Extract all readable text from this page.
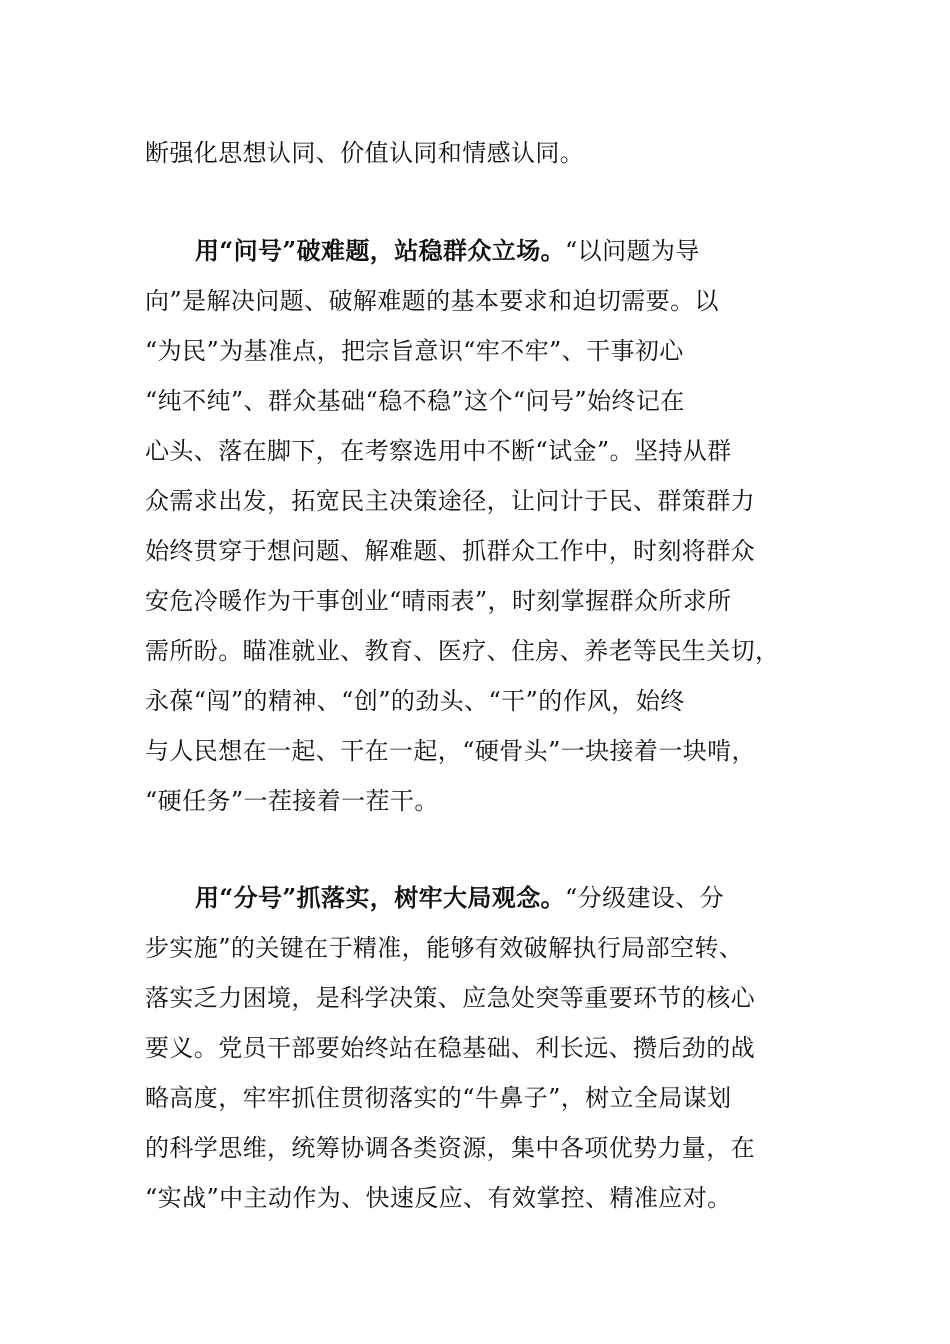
断强化思想认同、价值认同和情感认同。
用“问号”破难题，站稳群众立场。“以问题为导
向”是解决问题、破解难题的基本要求和迫切需要。以
“为民”为基准点，把宗旨意识“牢不牢”、干事初心
“纯不纯”、群众基础“稳不稳”这个“问号”始终记在
心头、落在脚下，在考察选用中不断“试金”。坚持从群
众需求出发，拓宽民主决策途径，让问计于民、群策群力
始终贯穿于想问题、解难题、抓群众工作中，时刻将群众
安危冷暖作为干事创业“晴雨表”，时刻掌握群众所求所
需所盼。瞄准就业、教育、医疗、住房、养老等民生关切，
永葆“闯”的精神、“创”的劲头、“干”的作风，始终
与人民想在一起、干在一起，“硬骨头”一块接着一块啃，
“硬任务”一茬接着一茬干。
用“分号”抓落实，树牢大局观念。“分级建设、分
步实施”的关键在于精准，能够有效破解执行局部空转、
落实乏力困境，是科学决策、应急处突等重要环节的核心
要义。党员干部要始终站在稳基础、利长远、攒后劲的战
略高度，牢牢抓住贯彻落实的“牛鼻子”，树立全局谋划
的科学思维，统筹协调各类资源，集中各项优势力量，在
“实战”中主动作为、快速反应、有效掌控、精准应对。
